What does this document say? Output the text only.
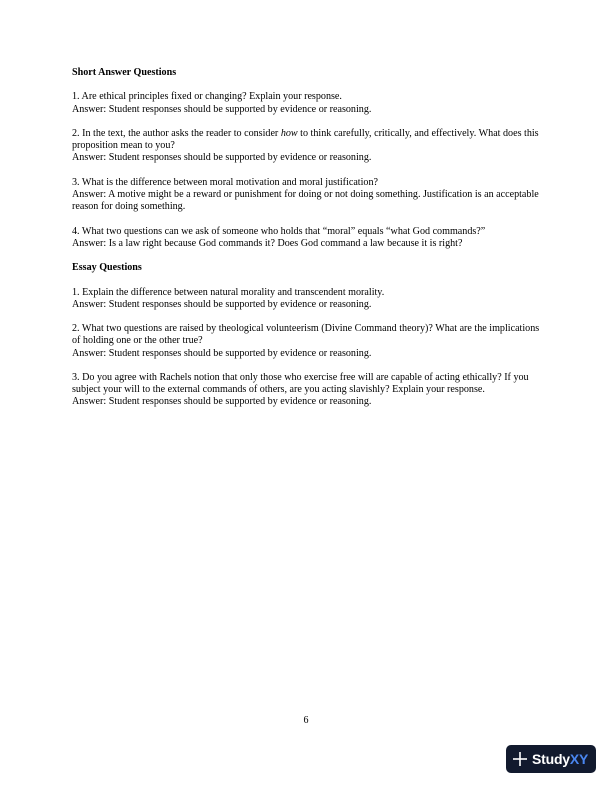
Short Answer Questions
1. Are ethical principles fixed or changing? Explain your response.
Answer: Student responses should be supported by evidence or reasoning.
2. In the text, the author asks the reader to consider how to think carefully, critically, and effectively. What does this proposition mean to you?
Answer: Student responses should be supported by evidence or reasoning.
3. What is the difference between moral motivation and moral justification?
Answer: A motive might be a reward or punishment for doing or not doing something. Justification is an acceptable reason for doing something.
4. What two questions can we ask of someone who holds that “moral” equals “what God commands?”
Answer: Is a law right because God commands it? Does God command a law because it is right?
Essay Questions
1. Explain the difference between natural morality and transcendent morality.
Answer: Student responses should be supported by evidence or reasoning.
2. What two questions are raised by theological volunteerism (Divine Command theory)? What are the implications of holding one or the other true?
Answer: Student responses should be supported by evidence or reasoning.
3. Do you agree with Rachels notion that only those who exercise free will are capable of acting ethically? If you subject your will to the external commands of others, are you acting slavishly? Explain your response.
Answer: Student responses should be supported by evidence or reasoning.
6
StudyXY
